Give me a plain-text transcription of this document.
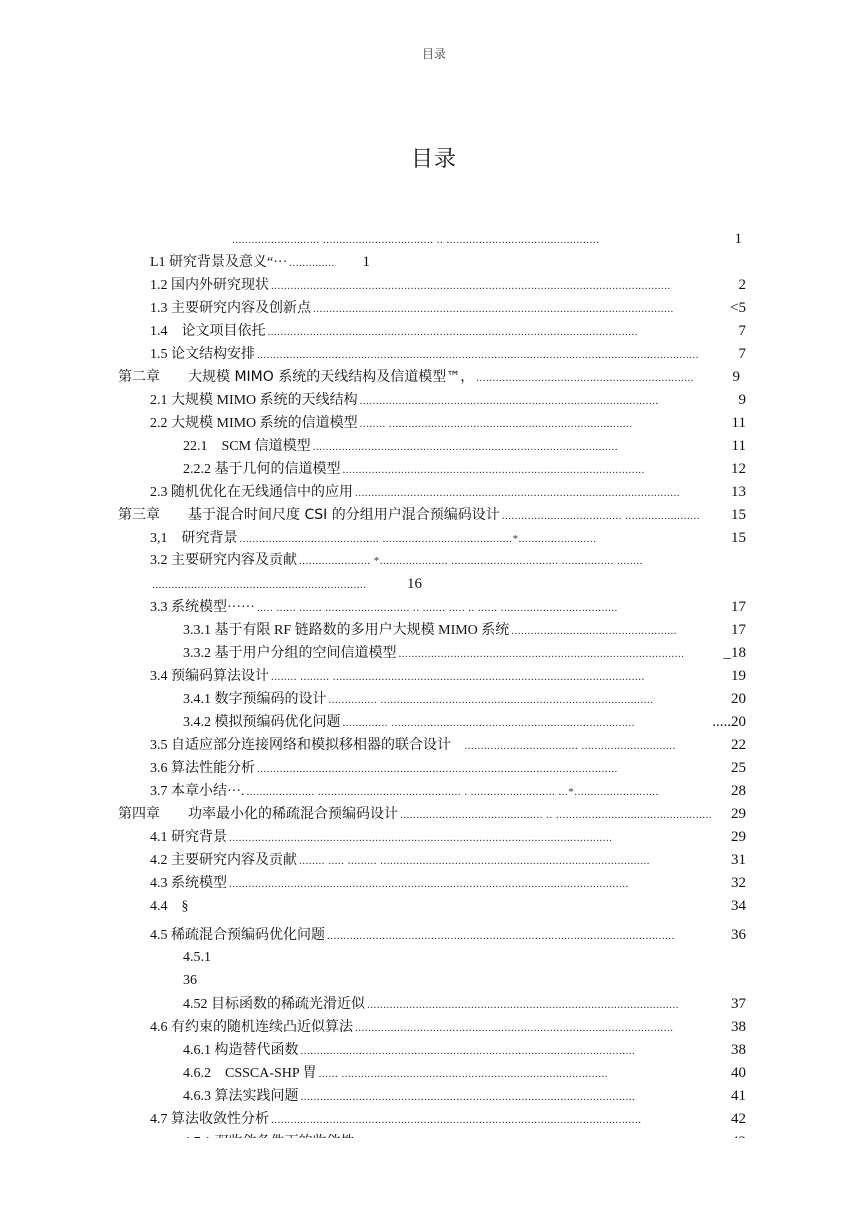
目录
目录
........................... .................................. .. ...............................................	1
L1 研究背景及意义“··· ..............	1
1.2 国内外研究现状 ...........................................................................................................................	2
1.3 主要研究内容及创新点 ...............................................................................................................	<5
1.4　论文项目依托 ..................................................................................................................	7
1.5 论文结构安排 ........................................................................................................................................	7
第二章　　大规模 MIMO 系统的天线结构及信道模型™， ...................................................................	9
2.1 大规模 MIMO 系统的天线结构 ............................................................................................	9
2.2 大规模 MIMO 系统的信道模型 ........ ...........................................................................	11
22.1　SCM 信道模型 ..............................................................................................	11
2.2.2 基于几何的信道模型 .............................................................................................	12
2.3 随机优化在无线通信中的应用 ....................................................................................................	13
第三章　　基于混合时间尺度 CSI 的分组用户混合预编码设计 ..................................... .......................	15
3,1　研究背景 ........................................... ........................................*........................	15
3.2 主要研究内容及贡献 ...................... *..................... ................................. ................ ........
..................................................................	16
3.3 系统模型······ ..... ...... ....... .......................... .. ....... ..... .. ...... ....................................	17
3.3.1 基于有限 RF 链路数的多用户大规模 MIMO 系统 ...................................................	17
3.3.2 基于用户分组的空间信道模型 ........................................................................................	_18
3.4 预编码算法设计 ........ ......... ................................................................................................	19
3.4.1 数字预编码的设计 ............... ....................................................................................	20
3.4.2 模拟预编码优化问题 .............. ...........................................................................	.....20
3.5 自适应部分连接网络和模拟移相器的联合设计 　................................... .............................	22
3.6 算法性能分析 ...............................................................................................................	25
3.7 本章小结···. ..................... ............................................ . .......................... ...*..........................	28
第四章　　功率最小化的稀疏混合预编码设计 ............................................ .. ................................................	29
4.1 研究背景 ......................................................................................................................	29
4.2 主要研究内容及贡献 ........ ..... ......... ...................................................................................	31
4.3 系统模型 ...........................................................................................................................	32
4.4　§	34
4.5 稀疏混合预编码优化问题 ...........................................................................................................	36
4.5.1
36
4.52 目标函数的稀疏光滑近似 ................................................................................................	37
4.6 有约束的随机连续凸近似算法 ..................................................................................................	38
4.6.1 构造替代函数 .......................................................................................................	38
4.6.2　CSSCA-SHP 胃 ...... ..................................................................................	40
4.6.3 算法实践问题 .......................................................................................................	41
4.7 算法收敛性分析 ..................................................................................................................	42
